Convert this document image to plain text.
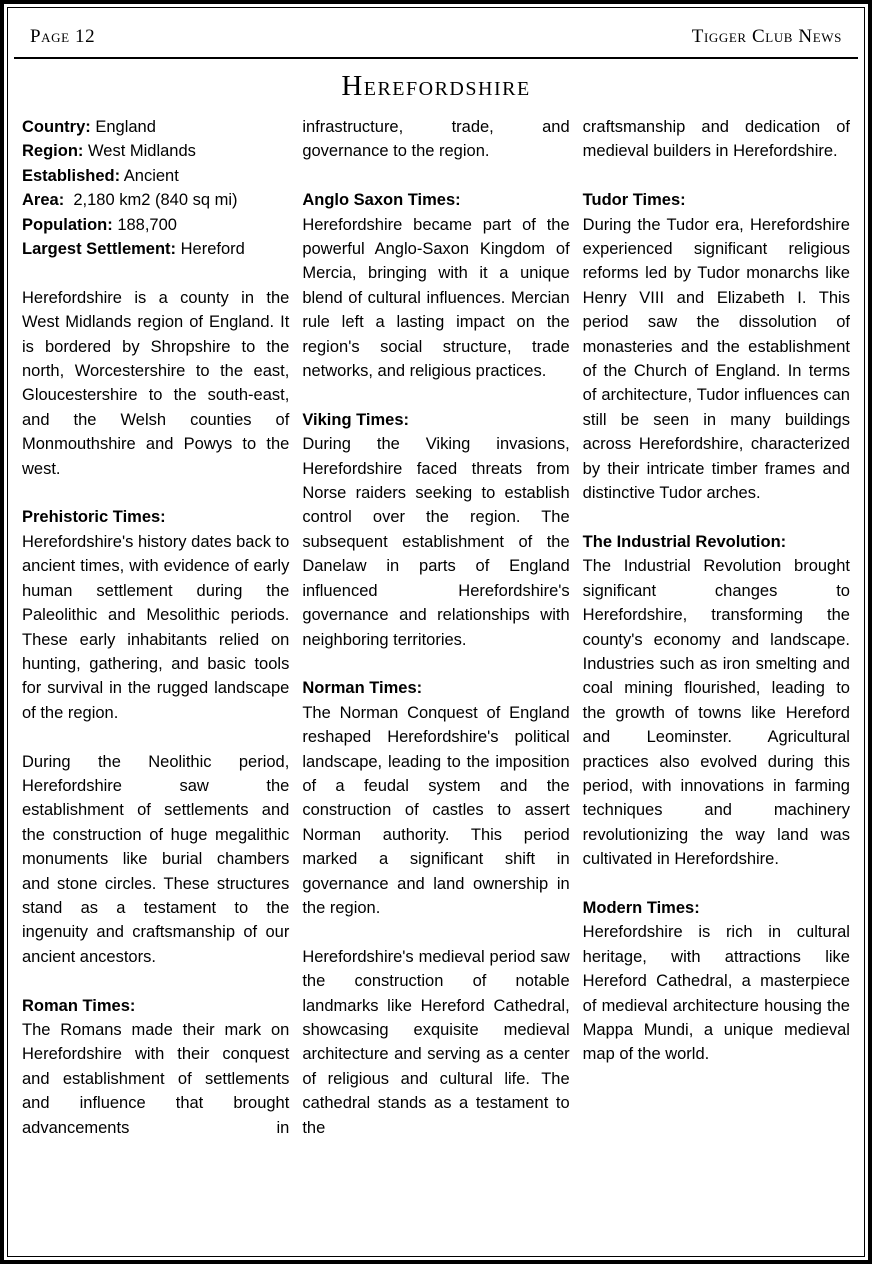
Page 12	Tigger Club News
Herefordshire
Country: England
Region: West Midlands
Established: Ancient
Area:  2,180 km2 (840 sq mi)
Population: 188,700
Largest Settlement: Hereford
Herefordshire is a county in the West Midlands region of England. It is bordered by Shropshire to the north, Worcestershire to the east, Gloucestershire to the south-east, and the Welsh counties of Monmouthshire and Powys to the west.
Prehistoric Times:
Herefordshire's history dates back to ancient times, with evidence of early human settlement during the Paleolithic and Mesolithic periods. These early inhabitants relied on hunting, gathering, and basic tools for survival in the rugged landscape of the region.
During the Neolithic period, Herefordshire saw the establishment of settlements and the construction of huge megalithic monuments like burial chambers and stone circles. These structures stand as a testament to the ingenuity and craftsmanship of our ancient ancestors.
Roman Times:
The Romans made their mark on Herefordshire with their conquest and establishment of settlements and influence that brought advancements in
infrastructure, trade, and governance to the region.
Anglo Saxon Times:
Herefordshire became part of the powerful Anglo-Saxon Kingdom of Mercia, bringing with it a unique blend of cultural influences. Mercian rule left a lasting impact on the region's social structure, trade networks, and religious practices.
Viking Times:
During the Viking invasions, Herefordshire faced threats from Norse raiders seeking to establish control over the region. The subsequent establishment of the Danelaw in parts of England influenced Herefordshire's governance and relationships with neighboring territories.
Norman Times:
The Norman Conquest of England reshaped Herefordshire's political landscape, leading to the imposition of a feudal system and the construction of castles to assert Norman authority. This period marked a significant shift in governance and land ownership in the region.
Herefordshire's medieval period saw the construction of notable landmarks like Hereford Cathedral, showcasing exquisite medieval architecture and serving as a center of religious and cultural life. The cathedral stands as a testament to the
craftsmanship and dedication of medieval builders in Herefordshire.
Tudor Times:
During the Tudor era, Herefordshire experienced significant religious reforms led by Tudor monarchs like Henry VIII and Elizabeth I. This period saw the dissolution of monasteries and the establishment of the Church of England. In terms of architecture, Tudor influences can still be seen in many buildings across Herefordshire, characterized by their intricate timber frames and distinctive Tudor arches.
The Industrial Revolution:
The Industrial Revolution brought significant changes to Herefordshire, transforming the county's economy and landscape. Industries such as iron smelting and coal mining flourished, leading to the growth of towns like Hereford and Leominster. Agricultural practices also evolved during this period, with innovations in farming techniques and machinery revolutionizing the way land was cultivated in Herefordshire.
Modern Times:
Herefordshire is rich in cultural heritage, with attractions like Hereford Cathedral, a masterpiece of medieval architecture housing the Mappa Mundi, a unique medieval map of the world.
